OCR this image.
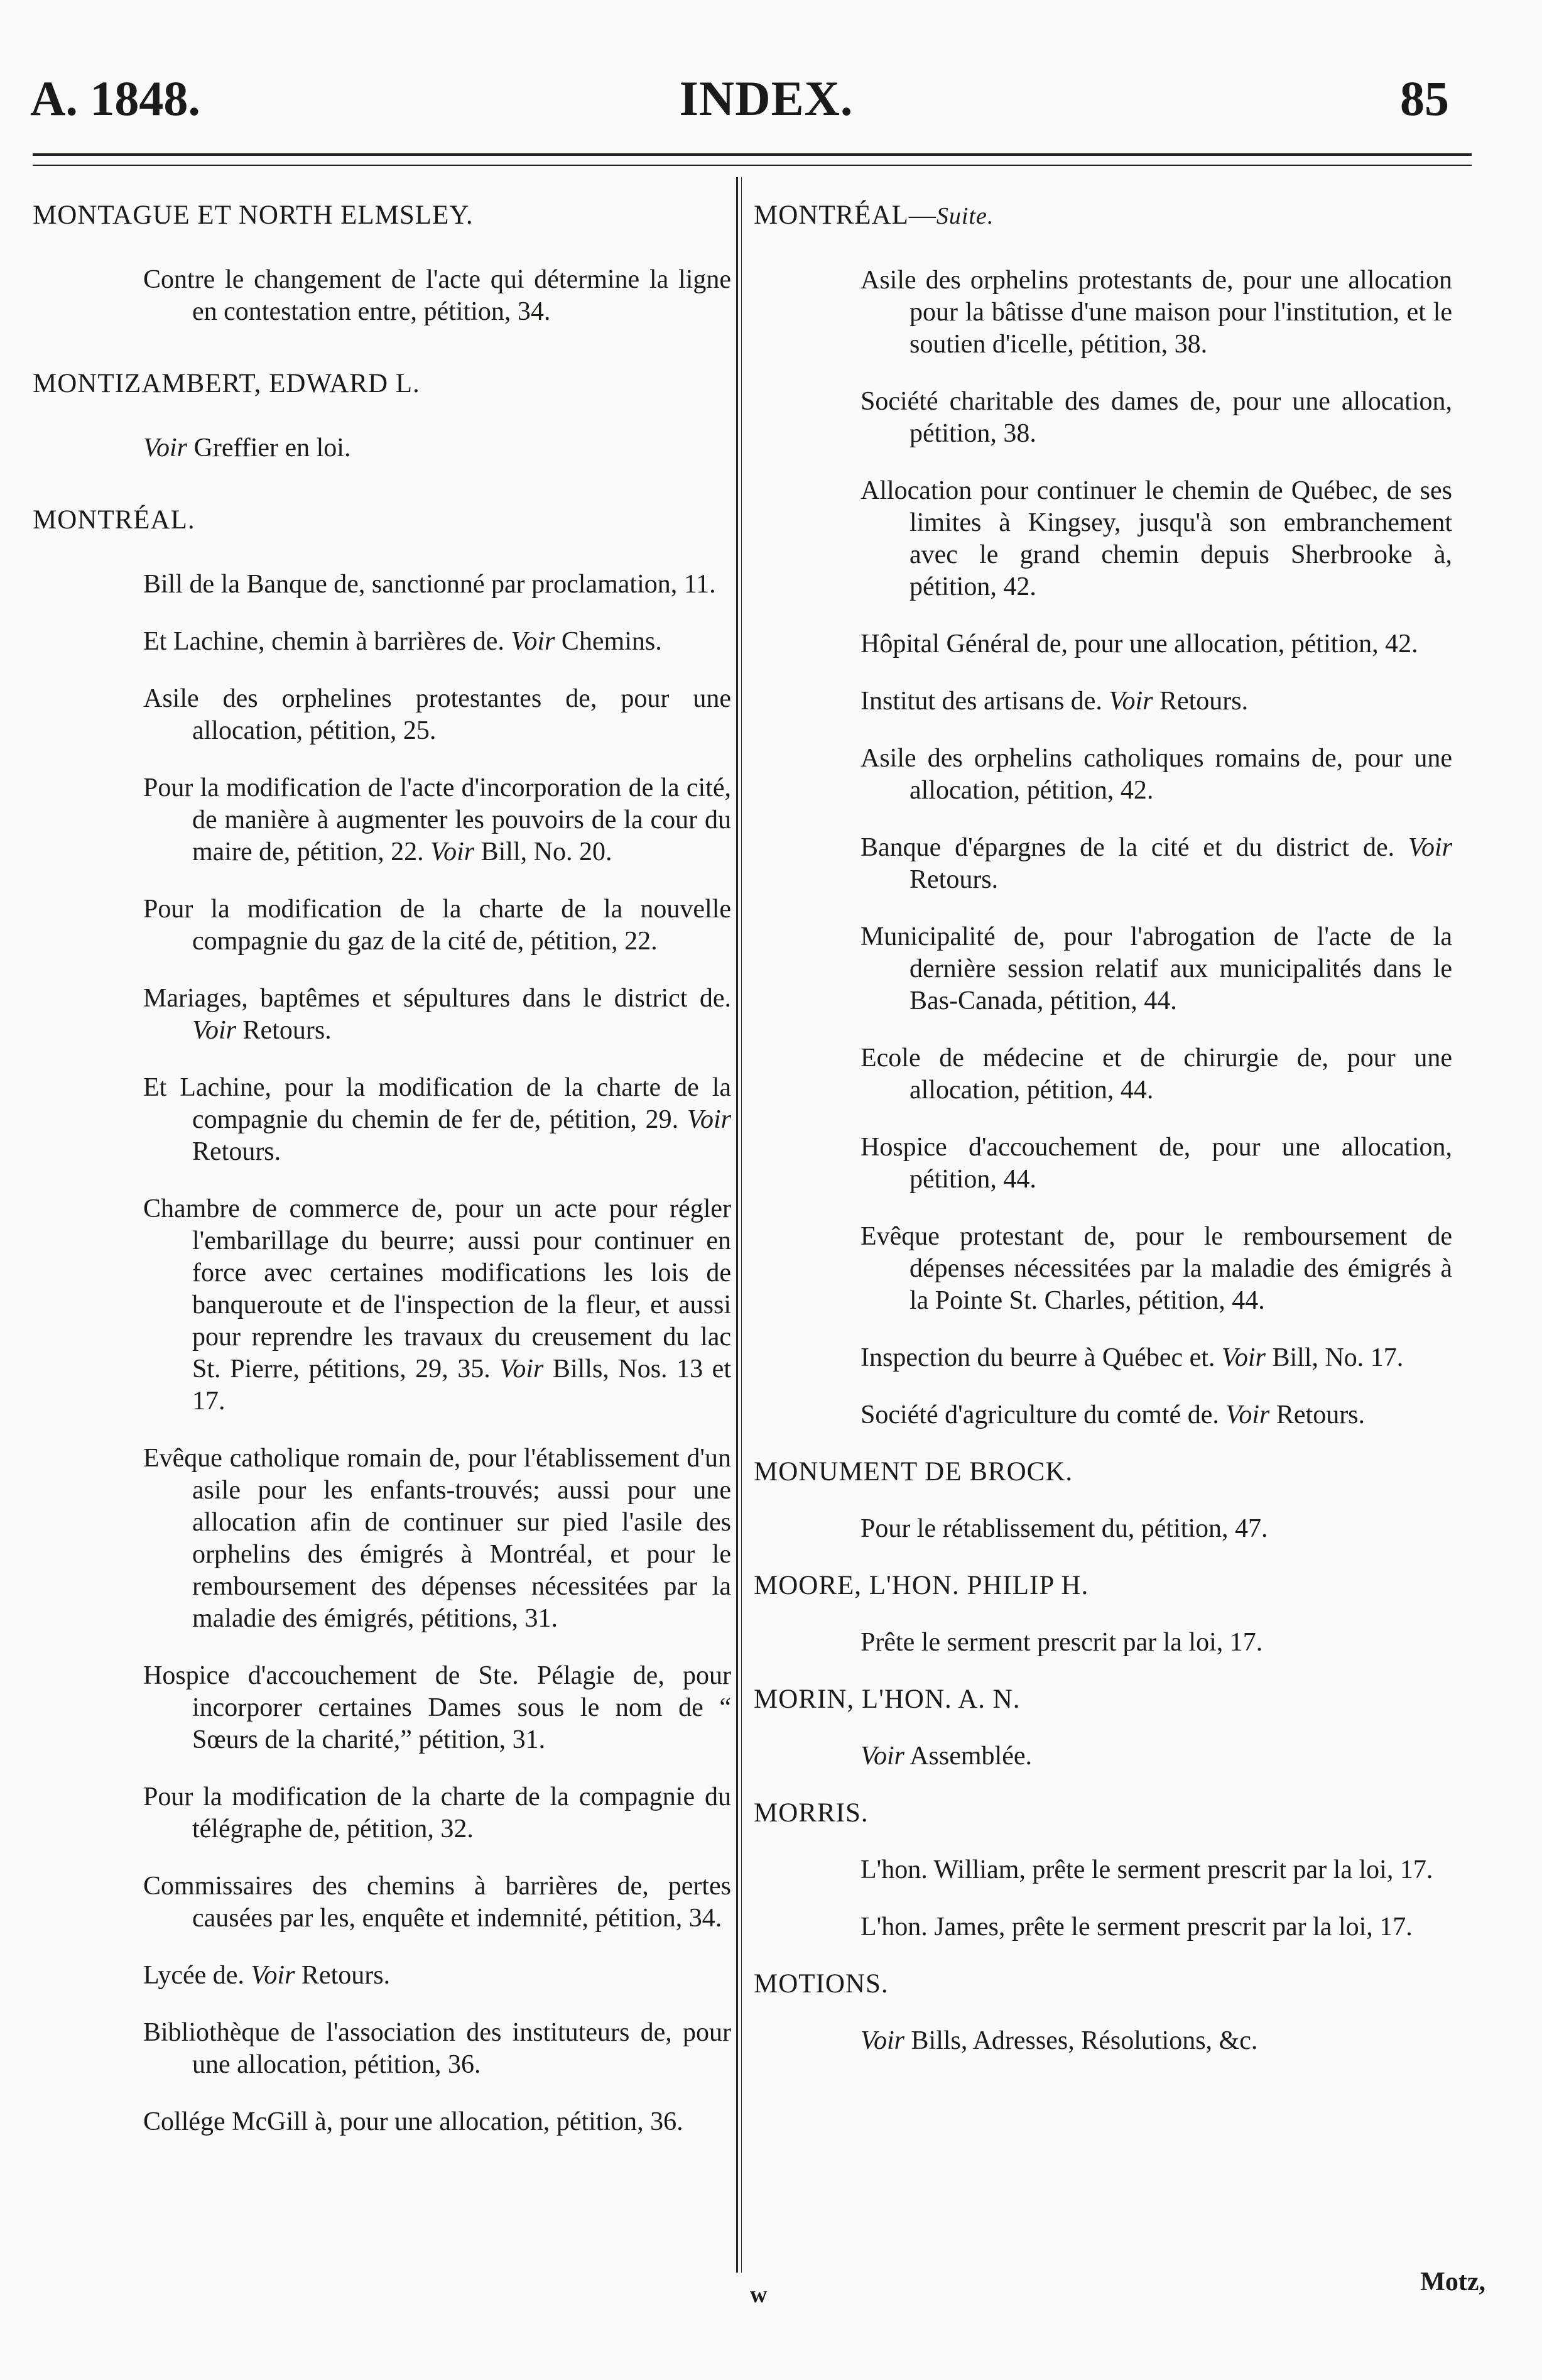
A. 1848.	INDEX.	85

MONTAGUE ET NORTH ELMSLEY.

Contre le changement de l'acte qui détermine la ligne en contestation entre, pétition, 34.

MONTIZAMBERT, EDWARD L.

Voir Greffier en loi.

MONTRÉAL.

Bill de la Banque de, sanctionné par proclamation, 11.

Et Lachine, chemin à barrières de. Voir Chemins.

Asile des orphelines protestantes de, pour une allocation, pétition, 25.

Pour la modification de l'acte d'incorporation de la cité, de manière à augmenter les pouvoirs de la cour du maire de, pétition, 22. Voir Bill, No. 20.

Pour la modification de la charte de la nouvelle compagnie du gaz de la cité de, pétition, 22.

Mariages, baptêmes et sépultures dans le district de. Voir Retours.

Et Lachine, pour la modification de la charte de la compagnie du chemin de fer de, pétition, 29. Voir Retours.

Chambre de commerce de, pour un acte pour régler l'embarillage du beurre; aussi pour continuer en force avec certaines modifications les lois de banqueroute et de l'inspection de la fleur, et aussi pour reprendre les travaux du creusement du lac St. Pierre, pétitions, 29, 35. Voir Bills, Nos. 13 et 17.

Evêque catholique romain de, pour l'établissement d'un asile pour les enfants-trouvés; aussi pour une allocation afin de continuer sur pied l'asile des orphelins des émigrés à Montréal, et pour le remboursement des dépenses nécessitées par la maladie des émigrés, pétitions, 31.

Hospice d'accouchement de Ste. Pélagie de, pour incorporer certaines Dames sous le nom de “ Sœurs de la charité,” pétition, 31.

Pour la modification de la charte de la compagnie du télégraphe de, pétition, 32.

Commissaires des chemins à barrières de, pertes causées par les, enquête et indemnité, pétition, 34.

Lycée de. Voir Retours.

Bibliothèque de l'association des instituteurs de, pour une allocation, pétition, 36.

Collége McGill à, pour une allocation, pétition, 36.

MONTRÉAL—Suite.

Asile des orphelins protestants de, pour une allocation pour la bâtisse d'une maison pour l'institution, et le soutien d'icelle, pétition, 38.

Société charitable des dames de, pour une allocation, pétition, 38.

Allocation pour continuer le chemin de Québec, de ses limites à Kingsey, jusqu'à son embranchement avec le grand chemin depuis Sherbrooke à, pétition, 42.

Hôpital Général de, pour une allocation, pétition, 42.

Institut des artisans de. Voir Retours.

Asile des orphelins catholiques romains de, pour une allocation, pétition, 42.

Banque d'épargnes de la cité et du district de. Voir Retours.

Municipalité de, pour l'abrogation de l'acte de la dernière session relatif aux municipalités dans le Bas-Canada, pétition, 44.

Ecole de médecine et de chirurgie de, pour une allocation, pétition, 44.

Hospice d'accouchement de, pour une allocation, pétition, 44.

Evêque protestant de, pour le remboursement de dépenses nécessitées par la maladie des émigrés à la Pointe St. Charles, pétition, 44.

Inspection du beurre à Québec et. Voir Bill, No. 17.

Société d'agriculture du comté de. Voir Retours.

MONUMENT DE BROCK.

Pour le rétablissement du, pétition, 47.

MOORE, L'HON. PHILIP H.

Prête le serment prescrit par la loi, 17.

MORIN, L'HON. A. N.

Voir Assemblée.

MORRIS.

L'hon. William, prête le serment prescrit par la loi, 17.

L'hon. James, prête le serment prescrit par la loi, 17.

MOTIONS.

Voir Bills, Adresses, Résolutions, &c.

w	Motz,
